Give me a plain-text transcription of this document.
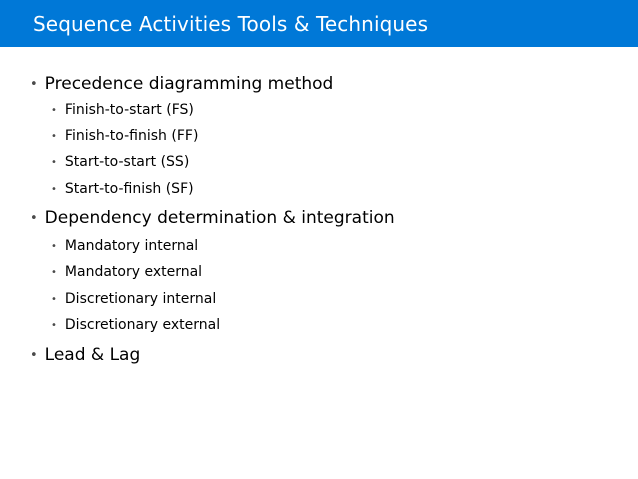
Sequence Activities Tools & Techniques
• Precedence diagramming method
• Finish-to-start (FS)
• Finish-to-finish (FF)
• Start-to-start (SS)
• Start-to-finish (SF)
• Dependency determination & integration
• Mandatory internal
• Mandatory external
• Discretionary internal
• Discretionary external
• Lead & Lag
